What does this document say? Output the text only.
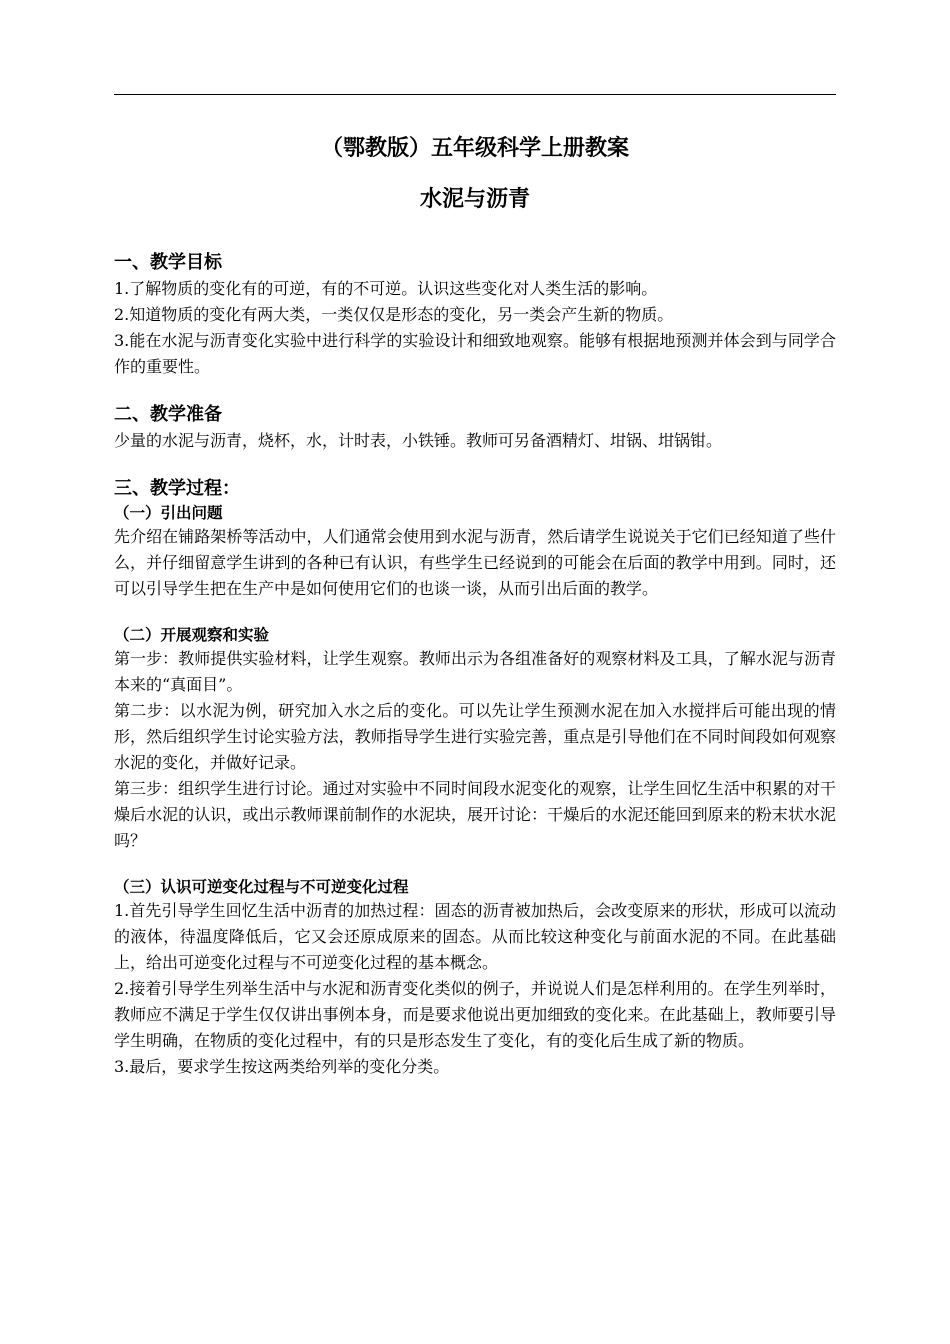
（鄂教版）五年级科学上册教案
水泥与沥青

一、教学目标

1.了解物质的变化有的可逆，有的不可逆。认识这些变化对人类生活的影响。

2.知道物质的变化有两大类，一类仅仅是形态的变化，另一类会产生新的物质。

3.能在水泥与沥青变化实验中进行科学的实验设计和细致地观察。能够有根据地预测并体会到与同学合作的重要性。

二、教学准备

少量的水泥与沥青，烧杯，水，计时表，小铁锤。教师可另备酒精灯、坩锅、坩锅钳。

三、教学过程：

（一）引出问题

先介绍在铺路架桥等活动中，人们通常会使用到水泥与沥青，然后请学生说说关于它们已经知道了些什么，并仔细留意学生讲到的各种已有认识，有些学生已经说到的可能会在后面的教学中用到。同时，还可以引导学生把在生产中是如何使用它们的也谈一谈，从而引出后面的教学。

（二）开展观察和实验

第一步：教师提供实验材料，让学生观察。教师出示为各组准备好的观察材料及工具，了解水泥与沥青本来的“真面目”。

第二步：以水泥为例，研究加入水之后的变化。可以先让学生预测水泥在加入水搅拌后可能出现的情形，然后组织学生讨论实验方法，教师指导学生进行实验完善，重点是引导他们在不同时间段如何观察水泥的变化，并做好记录。

第三步：组织学生进行讨论。通过对实验中不同时间段水泥变化的观察，让学生回忆生活中积累的对干燥后水泥的认识，或出示教师课前制作的水泥块，展开讨论：干燥后的水泥还能回到原来的粉末状水泥吗？

（三）认识可逆变化过程与不可逆变化过程

1.首先引导学生回忆生活中沥青的加热过程：固态的沥青被加热后，会改变原来的形状，形成可以流动的液体，待温度降低后，它又会还原成原来的固态。从而比较这种变化与前面水泥的不同。在此基础上，给出可逆变化过程与不可逆变化过程的基本概念。

2.接着引导学生列举生活中与水泥和沥青变化类似的例子，并说说人们是怎样利用的。在学生列举时，教师应不满足于学生仅仅讲出事例本身，而是要求他说出更加细致的变化来。在此基础上，教师要引导学生明确，在物质的变化过程中，有的只是形态发生了变化，有的变化后生成了新的物质。

3.最后，要求学生按这两类给列举的变化分类。
